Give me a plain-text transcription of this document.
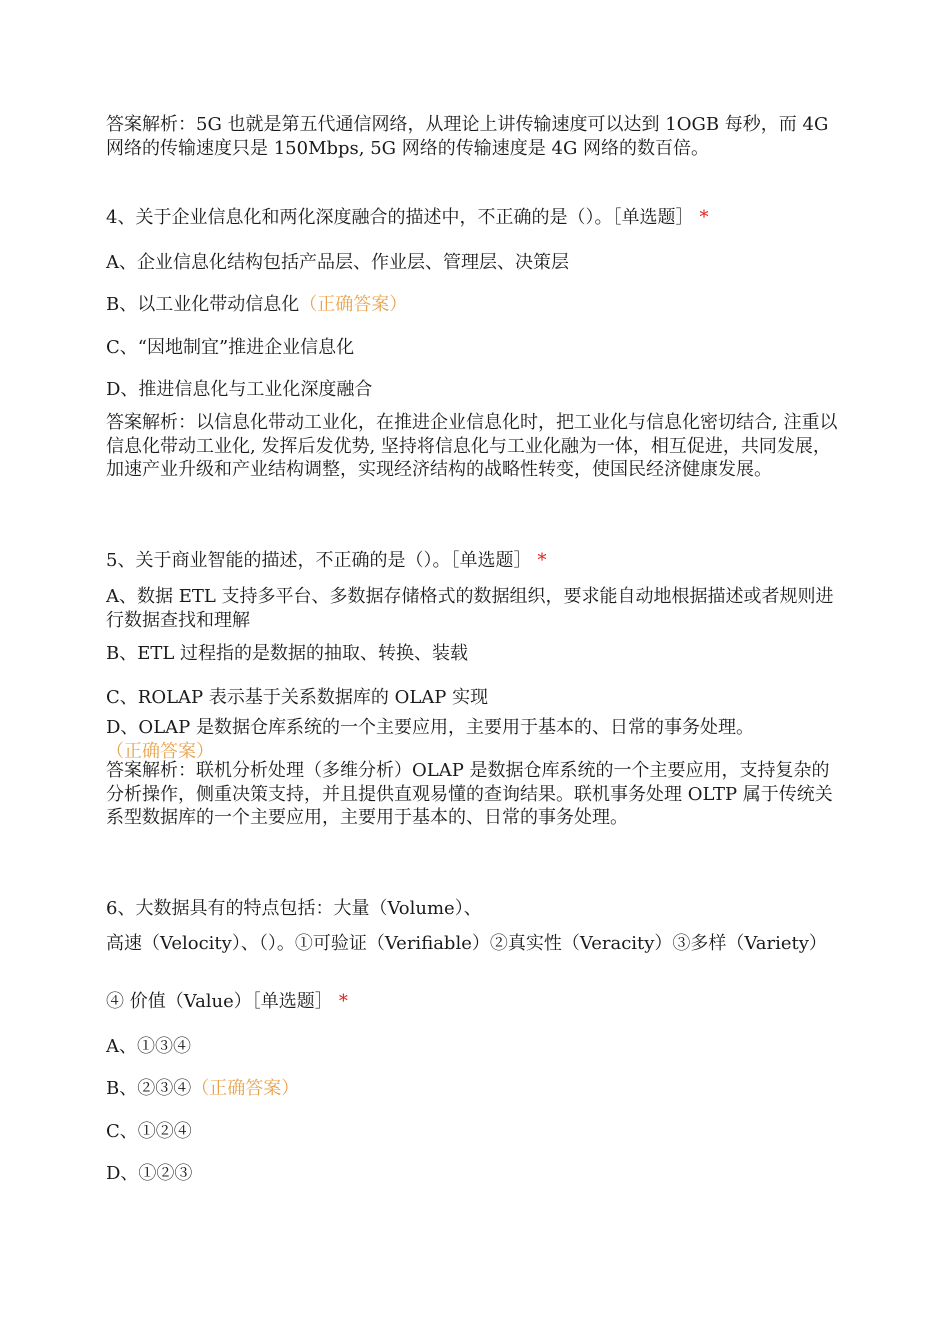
答案解析：5G 也就是第五代通信网络，从理论上讲传输速度可以达到 1OGB 每秒，而 4G 网络的传输速度只是 150Mbps, 5G 网络的传输速度是 4G 网络的数百倍。
4、关于企业信息化和两化深度融合的描述中，不正确的是（）。［单选题］ *
A、企业信息化结构包括产品层、作业层、管理层、决策层
B、以工业化带动信息化（正确答案）
C、“因地制宜”推进企业信息化
D、推进信息化与工业化深度融合
答案解析：以信息化带动工业化，在推进企业信息化时，把工业化与信息化密切结合, 注重以信息化带动工业化, 发挥后发优势, 坚持将信息化与工业化融为一体，相互促进，共同发展，加速产业升级和产业结构调整，实现经济结构的战略性转变，使国民经济健康发展。
5、关于商业智能的描述，不正确的是（）。［单选题］ *
A、数据 ETL 支持多平台、多数据存储格式的数据组织，要求能自动地根据描述或者规则进行数据查找和理解
B、ETL 过程指的是数据的抽取、转换、装载
C、ROLAP 表示基于关系数据库的 OLAP 实现
D、OLAP 是数据仓库系统的一个主要应用，主要用于基本的、日常的事务处理。
（正确答案）
答案解析：联机分析处理（多维分析）OLAP 是数据仓库系统的一个主要应用，支持复杂的分析操作，侧重决策支持，并且提供直观易懂的查询结果。联机事务处理 OLTP 属于传统关系型数据库的一个主要应用，主要用于基本的、日常的事务处理。
6、大数据具有的特点包括：大量（Volume）、
高速（Velocity）、（）。①可验证（Verifiable）②真实性（Veracity）③多样（Variety）
④ 价值（Value）［单选题］ *
A、①③④
B、②③④（正确答案）
C、①②④
D、①②③
